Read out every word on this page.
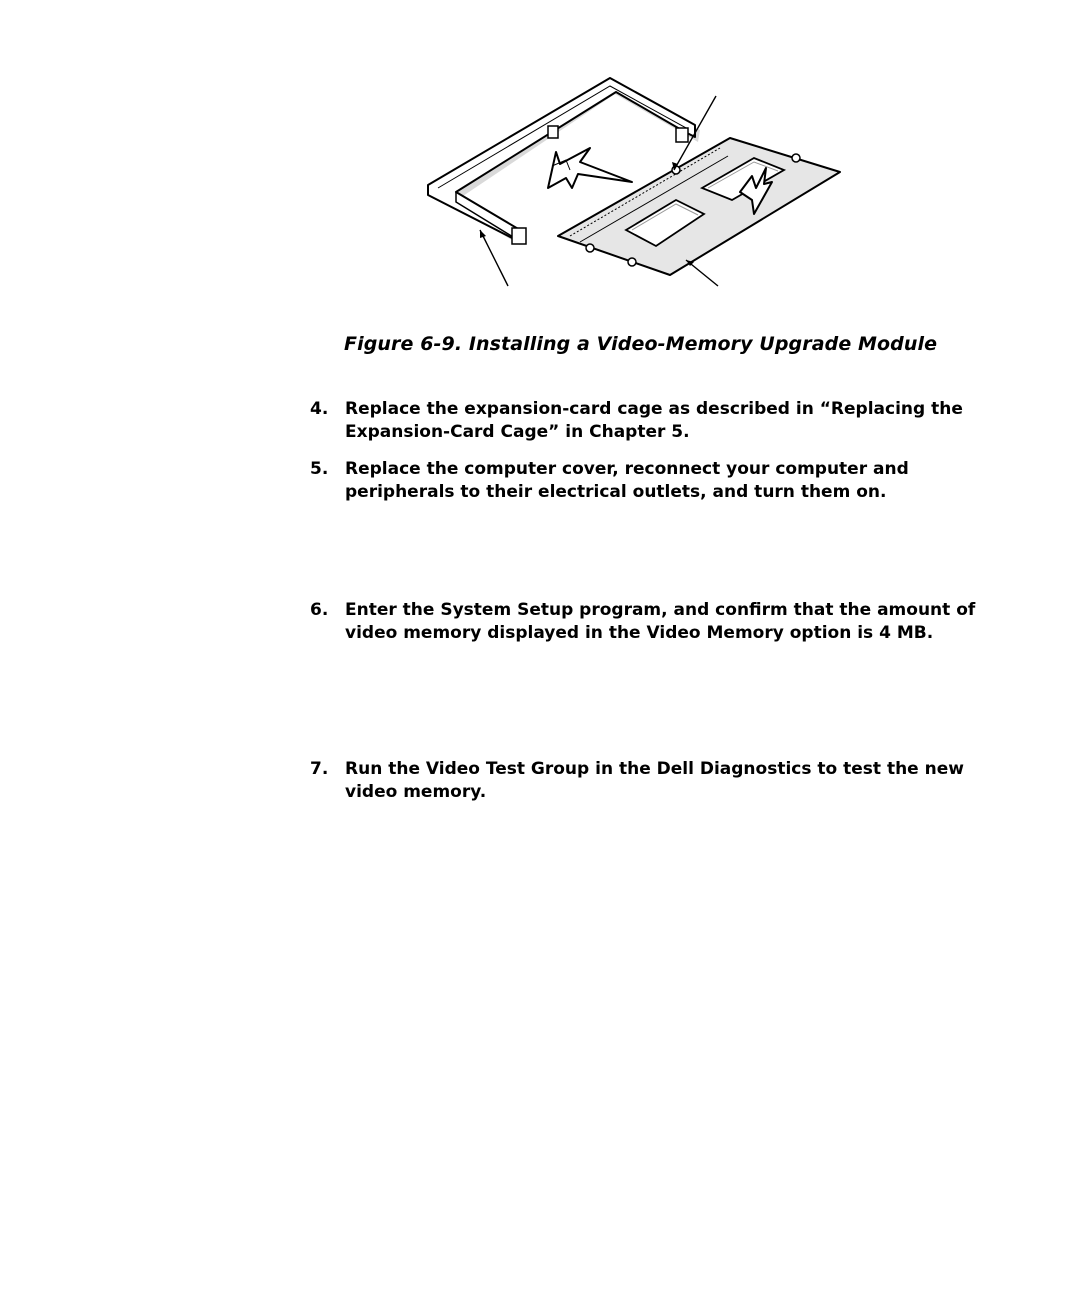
Figure 6-9. Installing a Video-Memory Upgrade Module
4. Replace the expansion-card cage as described in “Replacing the Expansion-Card Cage” in Chapter 5.
5. Replace the computer cover, reconnect your computer and peripherals to their electrical outlets, and turn them on.
6. Enter the System Setup program, and confirm that the amount of video memory displayed in the Video Memory option is 4 MB.
7. Run the Video Test Group in the Dell Diagnostics to test the new video memory.
